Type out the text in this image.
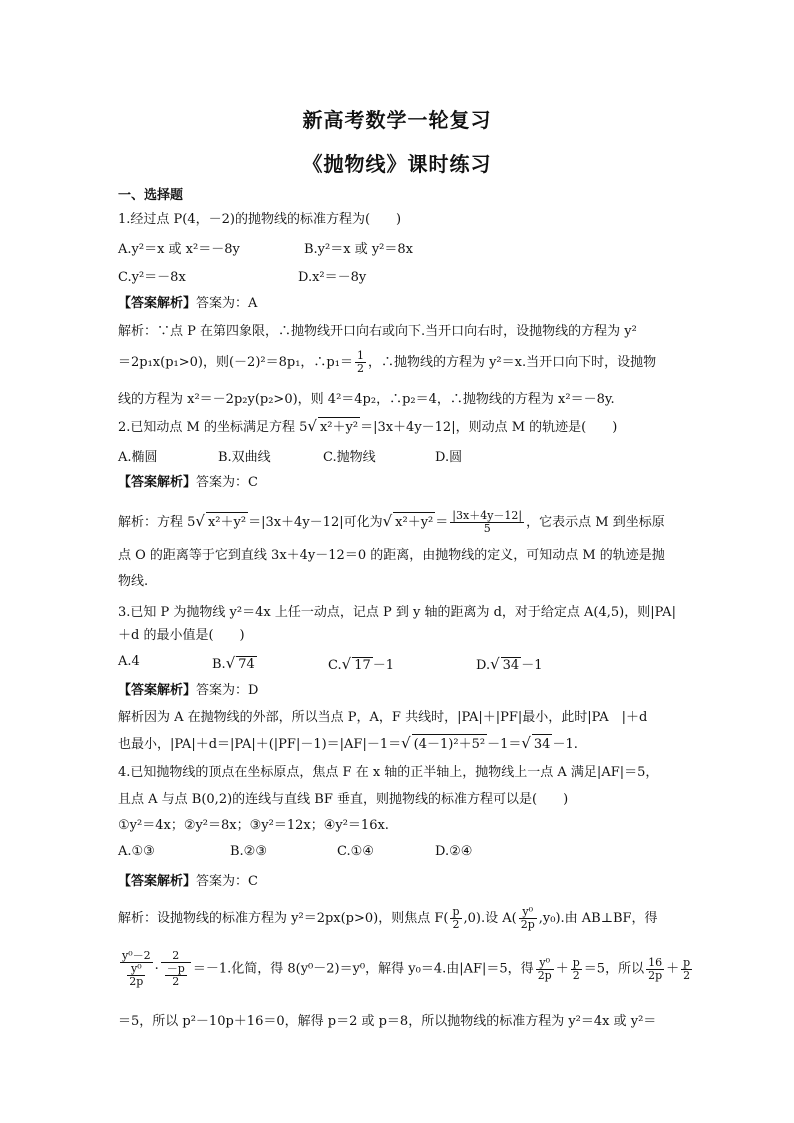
新高考数学一轮复习
《抛物线》课时练习
一、选择题
1.经过点 P(4，－2)的抛物线的标准方程为(　　)
A.y²＝x 或 x²＝－8y	B.y²＝x 或 y²＝8x
C.y²＝－8x	D.x²＝－8y
【答案解析】答案为：A
解析：∵点 P 在第四象限，∴抛物线开口向右或向下.当开口向右时，设抛物线的方程为 y²
＝2p₁x(p₁>0)，则(－2)²＝8p₁，∴p₁＝ $\frac{1}{2}$ ，∴抛物线的方程为 y²＝x.当开口向下时，设抛物
线的方程为 x²＝－2p₂y(p₂>0)，则 4²＝4p₂，∴p₂＝4，∴抛物线的方程为 x²＝－8y.
2.已知动点 M 的坐标满足方程 5√ x²＋y² ＝|3x＋4y－12|，则动点 M 的轨迹是(　　)
A.椭圆	B.双曲线	C.抛物线	D.圆
【答案解析】答案为：C
解析：方程 5√ x²＋y² ＝|3x＋4y－12|可化为√ $x^2+y^2 = \frac{|3x+4y-12|}{5}$ ，它表示点 M 到坐标原
点 O 的距离等于它到直线 3x＋4y－12＝0 的距离，由抛物线的定义，可知动点 M 的轨迹是抛
物线.
3.已知 P 为抛物线 y²＝4x 上任一动点，记点 P 到 y 轴的距离为 d，对于给定点 A(4,5)，则|PA|
＋d 的最小值是(　　)
A.4	B.√ 74	C.√ 17 －1	D.√ 34 －1
【答案解析】答案为：D
解析因为 A 在抛物线的外部，所以当点 P，A，F 共线时，|PA|＋|PF|最小，此时|PA　|＋d
也最小，|PA|＋d＝|PA|＋(|PF|－1)＝|AF|－1＝√ (4－1)²＋5² －1＝√ 34 －1.
4.已知抛物线的顶点在坐标原点，焦点 F 在 x 轴的正半轴上，抛物线上一点 A 满足|AF|＝5，
且点 A 与点 B(0,2)的连线与直线 BF 垂直，则抛物线的标准方程可以是(　　)
①y²＝4x；②y²＝8x；③y²＝12x；④y²＝16x.
A.①③	B.②③	C.①④	D.②④
【答案解析】答案为：C
解析：设抛物线的标准方程为 y²＝2px(p>0)，则焦点 $F( \frac{p}{2} ,0)$.设 $A( \frac{\text{y⁰}}{2p} ,y_0)$.由 AB⊥BF，得
$\frac{\text{y⁰－2}}{\frac{\text{y⁰}}{2p}} \cdot \frac{2}{\frac{-p}{2}} =-1$.化简，得 8(y⁰－2)＝y⁰，解得 y₀＝4.由|AF|＝5，得 $\frac{\text{y⁰}}{2p} + \frac{p}{2} =5$，所以 $\frac{16}{2p} + \frac{p}{2}$
＝5，所以 p²－10p＋16＝0，解得 p＝2 或 p＝8，所以抛物线的标准方程为 y²＝4x 或 y²＝
